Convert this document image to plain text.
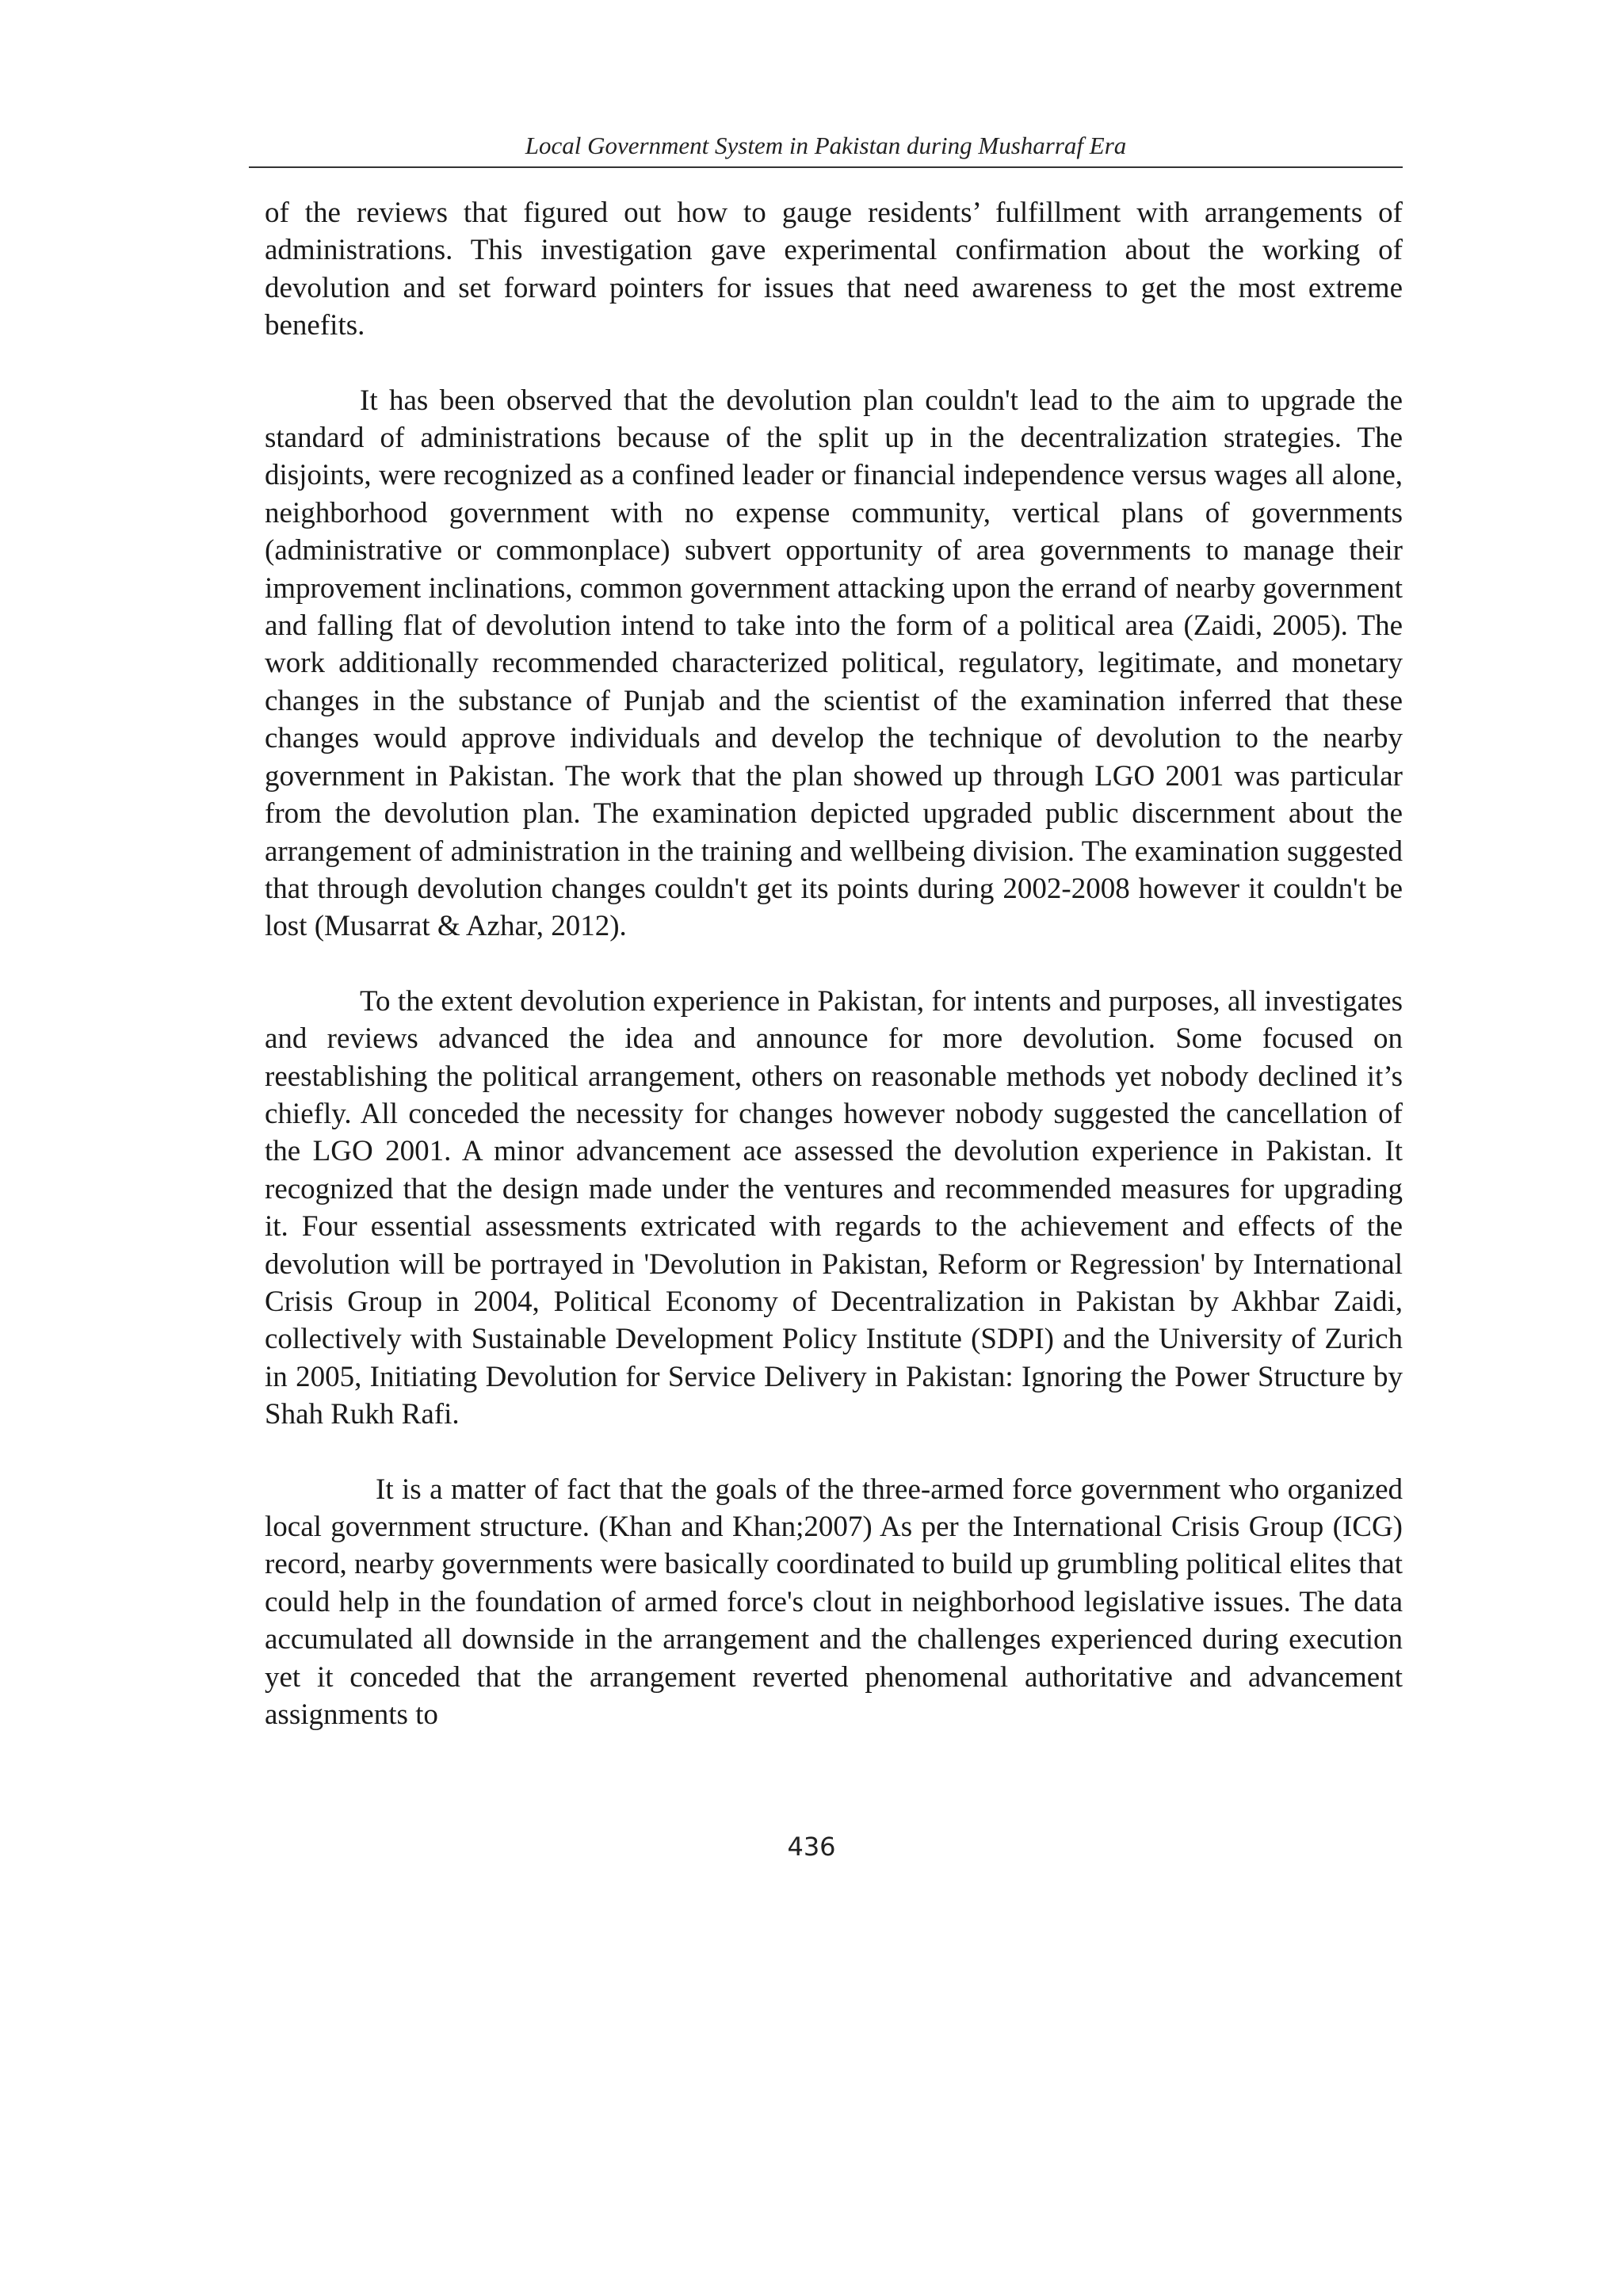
Local Government System in Pakistan during Musharraf Era

of the reviews that figured out how to gauge residents’ fulfillment with arrangements of administrations. This investigation gave experimental confirmation about the working of devolution and set forward pointers for issues that need awareness to get the most extreme benefits.

It has been observed that the devolution plan couldn't lead to the aim to upgrade the standard of administrations because of the split up in the decentralization strategies. The disjoints, were recognized as a confined leader or financial independence versus wages all alone, neighborhood government with no expense community, vertical plans of governments (administrative or commonplace) subvert opportunity of area governments to manage their improvement inclinations, common government attacking upon the errand of nearby government and falling flat of devolution intend to take into the form of a political area (Zaidi, 2005). The work additionally recommended characterized political, regulatory, legitimate, and monetary changes in the substance of Punjab and the scientist of the examination inferred that these changes would approve individuals and develop the technique of devolution to the nearby government in Pakistan. The work that the plan showed up through LGO 2001 was particular from the devolution plan. The examination depicted upgraded public discernment about the arrangement of administration in the training and wellbeing division. The examination suggested that through devolution changes couldn't get its points during 2002-2008 however it couldn't be lost (Musarrat & Azhar, 2012).

To the extent devolution experience in Pakistan, for intents and purposes, all investigates and reviews advanced the idea and announce for more devolution. Some focused on reestablishing the political arrangement, others on reasonable methods yet nobody declined it’s chiefly. All conceded the necessity for changes however nobody suggested the cancellation of the LGO 2001. A minor advancement ace assessed the devolution experience in Pakistan. It recognized that the design made under the ventures and recommended measures for upgrading it. Four essential assessments extricated with regards to the achievement and effects of the devolution will be portrayed in 'Devolution in Pakistan, Reform or Regression' by International Crisis Group in 2004, Political Economy of Decentralization in Pakistan by Akhbar Zaidi, collectively with Sustainable Development Policy Institute (SDPI) and the University of Zurich in 2005, Initiating Devolution for Service Delivery in Pakistan: Ignoring the Power Structure by Shah Rukh Rafi.

It is a matter of fact that the goals of the three-armed force government who organized local government structure. (Khan and Khan;2007) As per the International Crisis Group (ICG) record, nearby governments were basically coordinated to build up grumbling political elites that could help in the foundation of armed force's clout in neighborhood legislative issues. The data accumulated all downside in the arrangement and the challenges experienced during execution yet it conceded that the arrangement reverted phenomenal authoritative and advancement assignments to

436
